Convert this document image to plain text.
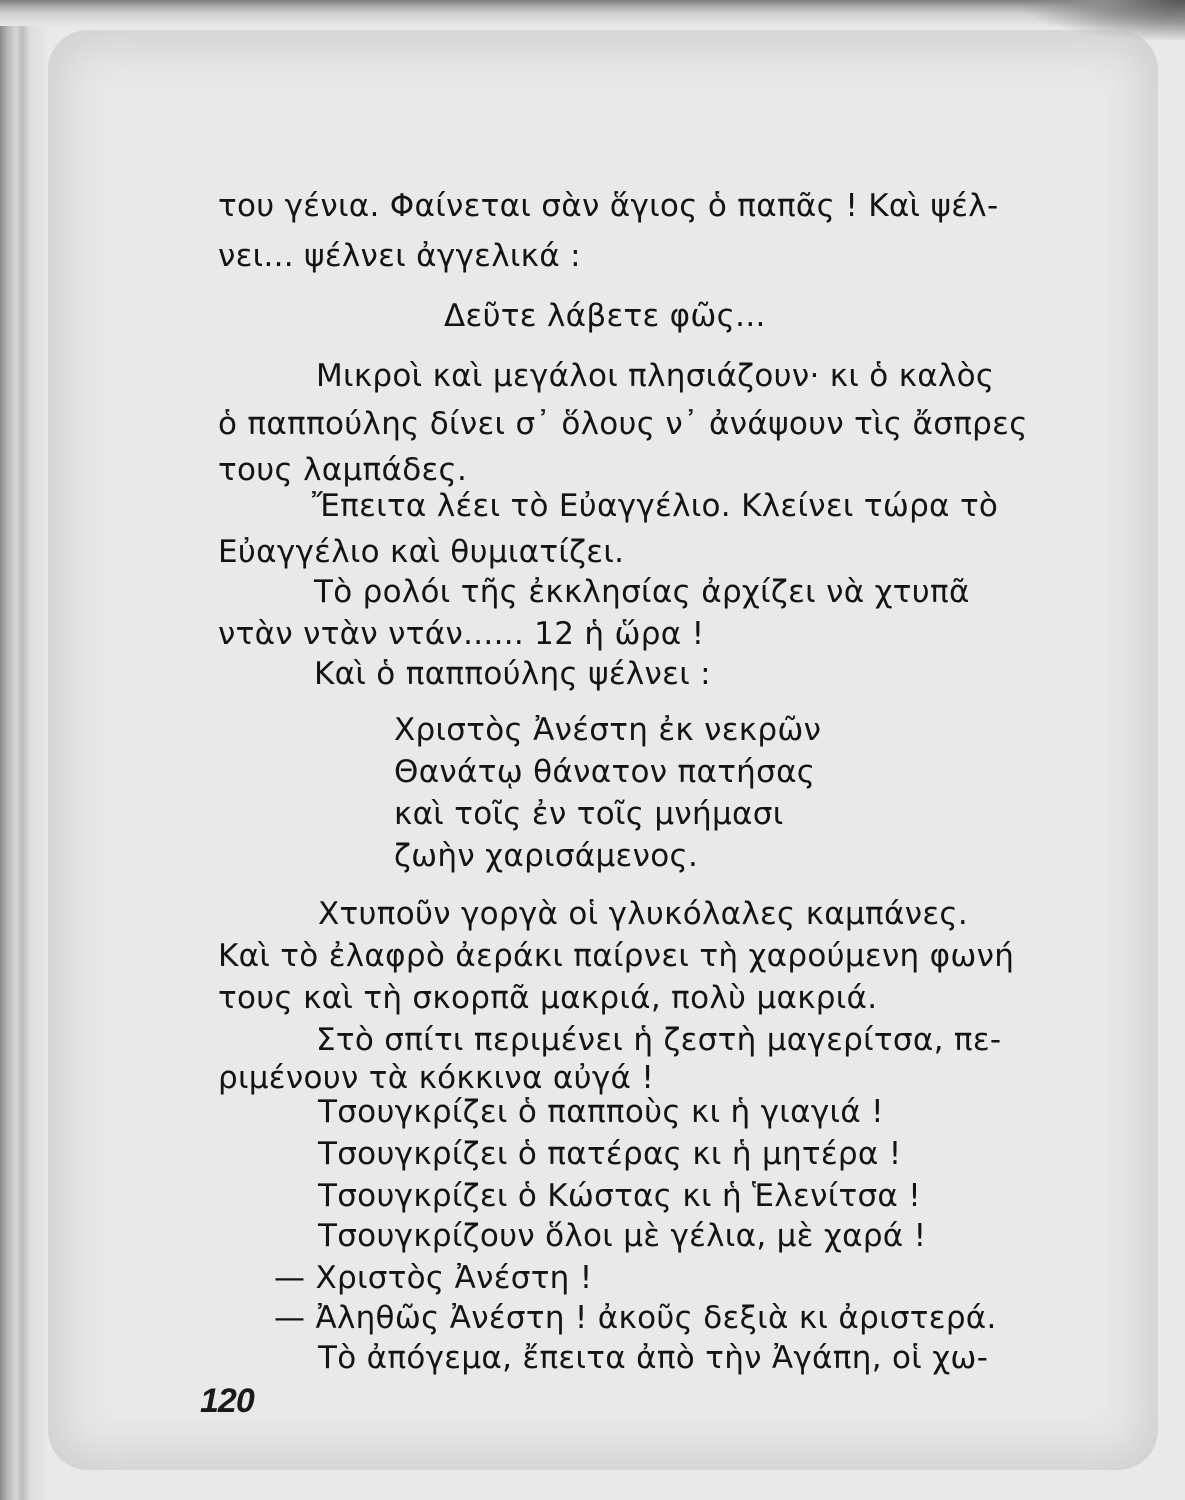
του γένια. Φαίνεται σὰν ἅγιος ὁ παπᾶς ! Καὶ ψέλ-
νει... ψέλνει ἀγγελικά :
Δεῦτε λάβετε φῶς...
Μικροὶ καὶ μεγάλοι πλησιάζουν· κι ὁ καλὸς
ὁ παππούλης δίνει σ᾽ ὅλους ν᾽ ἀνάψουν τὶς ἄσπρες
τους λαμπάδες.
Ἔπειτα λέει τὸ Εὐαγγέλιο. Κλείνει τώρα τὸ
Εὐαγγέλιο καὶ θυμιατίζει.
Τὸ ρολόι τῆς ἐκκλησίας ἀρχίζει νὰ χτυπᾶ
ντὰν ντὰν ντάν...... 12 ἡ ὥρα !
Καὶ ὁ παππούλης ψέλνει :
Χριστὸς Ἀνέστη ἐκ νεκρῶν
Θανάτῳ θάνατον πατήσας
καὶ τοῖς ἐν τοῖς μνήμασι
ζωὴν χαρισάμενος.
Χτυποῦν γοργὰ οἱ γλυκόλαλες καμπάνες.
Καὶ τὸ ἐλαφρὸ ἀεράκι παίρνει τὴ χαρούμενη φωνή
τους καὶ τὴ σκορπᾶ μακριά, πολὺ μακριά.
Στὸ σπίτι περιμένει ἡ ζεστὴ μαγερίτσα, πε-
ριμένουν τὰ κόκκινα αὐγά !
Τσουγκρίζει ὁ παπποὺς κι ἡ γιαγιά !
Τσουγκρίζει ὁ πατέρας κι ἡ μητέρα !
Τσουγκρίζει ὁ Κώστας κι ἡ Ἑλενίτσα !
Τσουγκρίζουν ὅλοι μὲ γέλια, μὲ χαρά !
— Χριστὸς Ἀνέστη !
— Ἀληθῶς Ἀνέστη ! ἀκοῦς δεξιὰ κι ἀριστερά.
Τὸ ἀπόγεμα, ἔπειτα ἀπὸ τὴν Ἀγάπη, οἱ χω-
120
